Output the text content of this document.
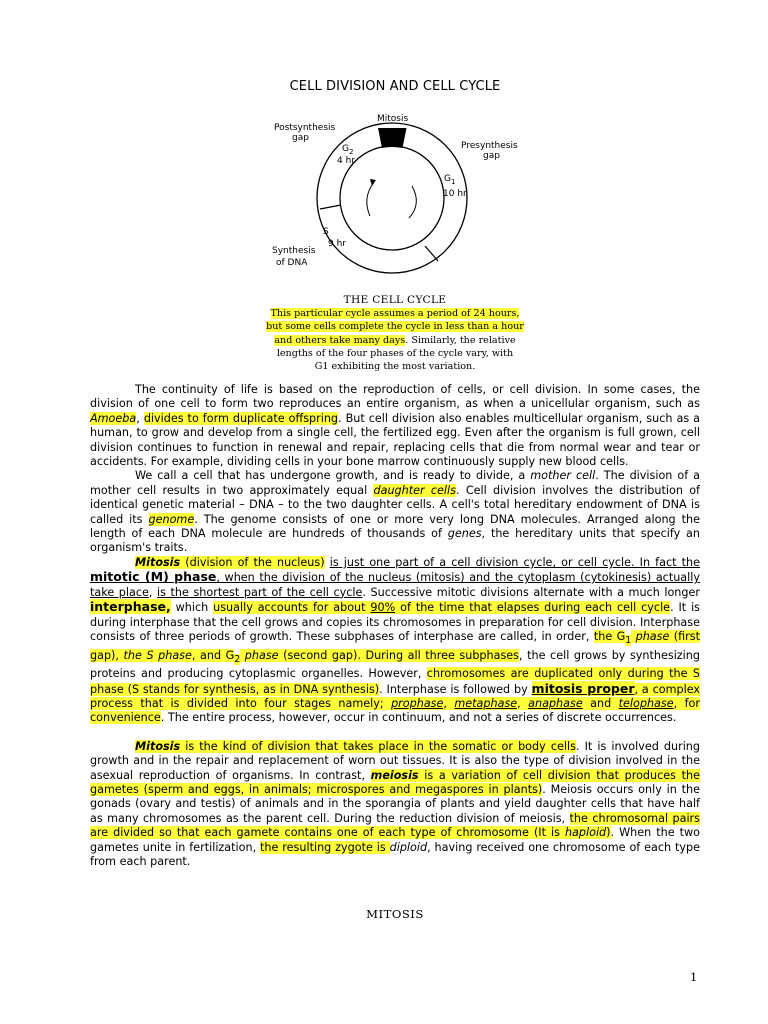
CELL DIVISION AND CELL CYCLE
Mitosis
Postsynthesis
gap
Presynthesis
gap
$G_2$
4 hr
$G_1$
10 hr
S
9 hr
Synthesis
of DNA
THE CELL CYCLE
This particular cycle assumes a period of 24 hours,
but some cells complete the cycle in less than a hour
and others take many days. Similarly, the relative
lengths of the four phases of the cycle vary, with
G1 exhibiting the most variation.

The continuity of life is based on the reproduction of cells, or cell division. In some cases, the division of one cell to form two reproduces an entire organism, as when a unicellular organism, such as Amoeba, divides to form duplicate offspring. But cell division also enables multicellular organism, such as a human, to grow and develop from a single cell, the fertilized egg. Even after the organism is full grown, cell division continues to function in renewal and repair, replacing cells that die from normal wear and tear or accidents. For example, dividing cells in your bone marrow continuously supply new blood cells.

We call a cell that has undergone growth, and is ready to divide, a mother cell. The division of a mother cell results in two approximately equal daughter cells. Cell division involves the distribution of identical genetic material – DNA – to the two daughter cells. A cell's total hereditary endowment of DNA is called its genome. The genome consists of one or more very long DNA molecules. Arranged along the length of each DNA molecule are hundreds of thousands of genes, the hereditary units that specify an organism's traits.

Mitosis (division of the nucleus) is just one part of a cell division cycle, or cell cycle. In fact the mitotic (M) phase, when the division of the nucleus (mitosis) and the cytoplasm (cytokinesis) actually take place, is the shortest part of the cell cycle. Successive mitotic divisions alternate with a much longer interphase, which usually accounts for about 90% of the time that elapses during each cell cycle. It is during interphase that the cell grows and copies its chromosomes in preparation for cell division. Interphase consists of three periods of growth. These subphases of interphase are called, in order, the $G_1$ phase (first gap), the S phase, and $G_2$ phase (second gap). During all three subphases, the cell grows by synthesizing proteins and producing cytoplasmic organelles. However, chromosomes are duplicated only during the S phase (S stands for synthesis, as in DNA synthesis). Interphase is followed by mitosis proper, a complex process that is divided into four stages namely; prophase, metaphase, anaphase and telophase, for convenience. The entire process, however, occur in continuum, and not a series of discrete occurrences.

Mitosis is the kind of division that takes place in the somatic or body cells. It is involved during growth and in the repair and replacement of worn out tissues. It is also the type of division involved in the asexual reproduction of organisms. In contrast, meiosis is a variation of cell division that produces the gametes (sperm and eggs, in animals; microspores and megaspores in plants). Meiosis occurs only in the gonads (ovary and testis) of animals and in the sporangia of plants and yield daughter cells that have half as many chromosomes as the parent cell. During the reduction division of meiosis, the chromosomal pairs are divided so that each gamete contains one of each type of chromosome (It is haploid). When the two gametes unite in fertilization, the resulting zygote is diploid, having received one chromosome of each type from each parent.

MITOSIS
1
